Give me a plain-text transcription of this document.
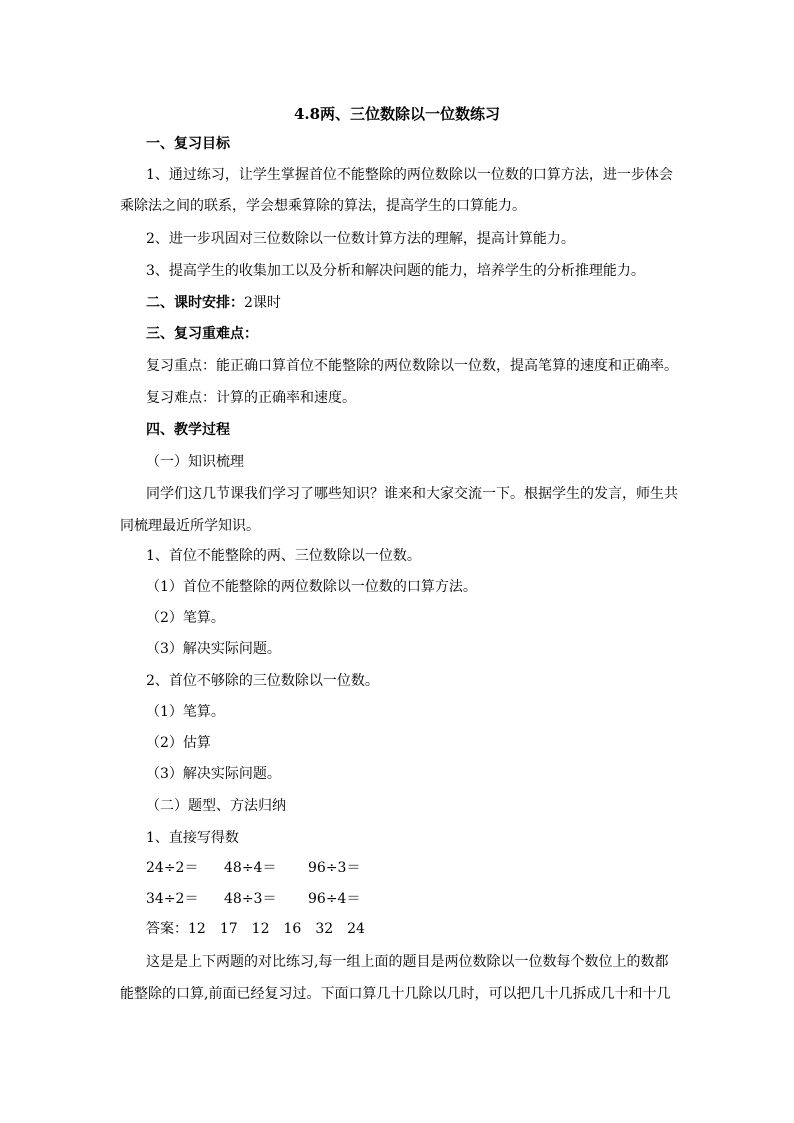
4.8两、三位数除以一位数练习
一、复习目标
1、通过练习，让学生掌握首位不能整除的两位数除以一位数的口算方法，进一步体会
乘除法之间的联系，学会想乘算除的算法，提高学生的口算能力。
2、进一步巩固对三位数除以一位数计算方法的理解，提高计算能力。
3、提高学生的收集加工以及分析和解决问题的能力，培养学生的分析推理能力。
二、课时安排：2课时
三、复习重难点：
复习重点：能正确口算首位不能整除的两位数除以一位数，提高笔算的速度和正确率。
复习难点：计算的正确率和速度。
四、教学过程
（一）知识梳理
同学们这几节课我们学习了哪些知识？谁来和大家交流一下。根据学生的发言，师生共
同梳理最近所学知识。
1、首位不能整除的两、三位数除以一位数。
（1）首位不能整除的两位数除以一位数的口算方法。
（2）笔算。
（3）解决实际问题。
2、首位不够除的三位数除以一位数。
（1）笔算。
（2）估算
（3）解决实际问题。
（二）题型、方法归纳
1、直接写得数
24÷2＝ 48÷4＝ 96÷3＝
34÷2＝ 48÷3＝ 96÷4＝
答案：12 17 12 16 32 24
这是是上下两题的对比练习,每一组上面的题目是两位数除以一位数每个数位上的数都
能整除的口算,前面已经复习过。下面口算几十几除以几时，可以把几十几拆成几十和十几
